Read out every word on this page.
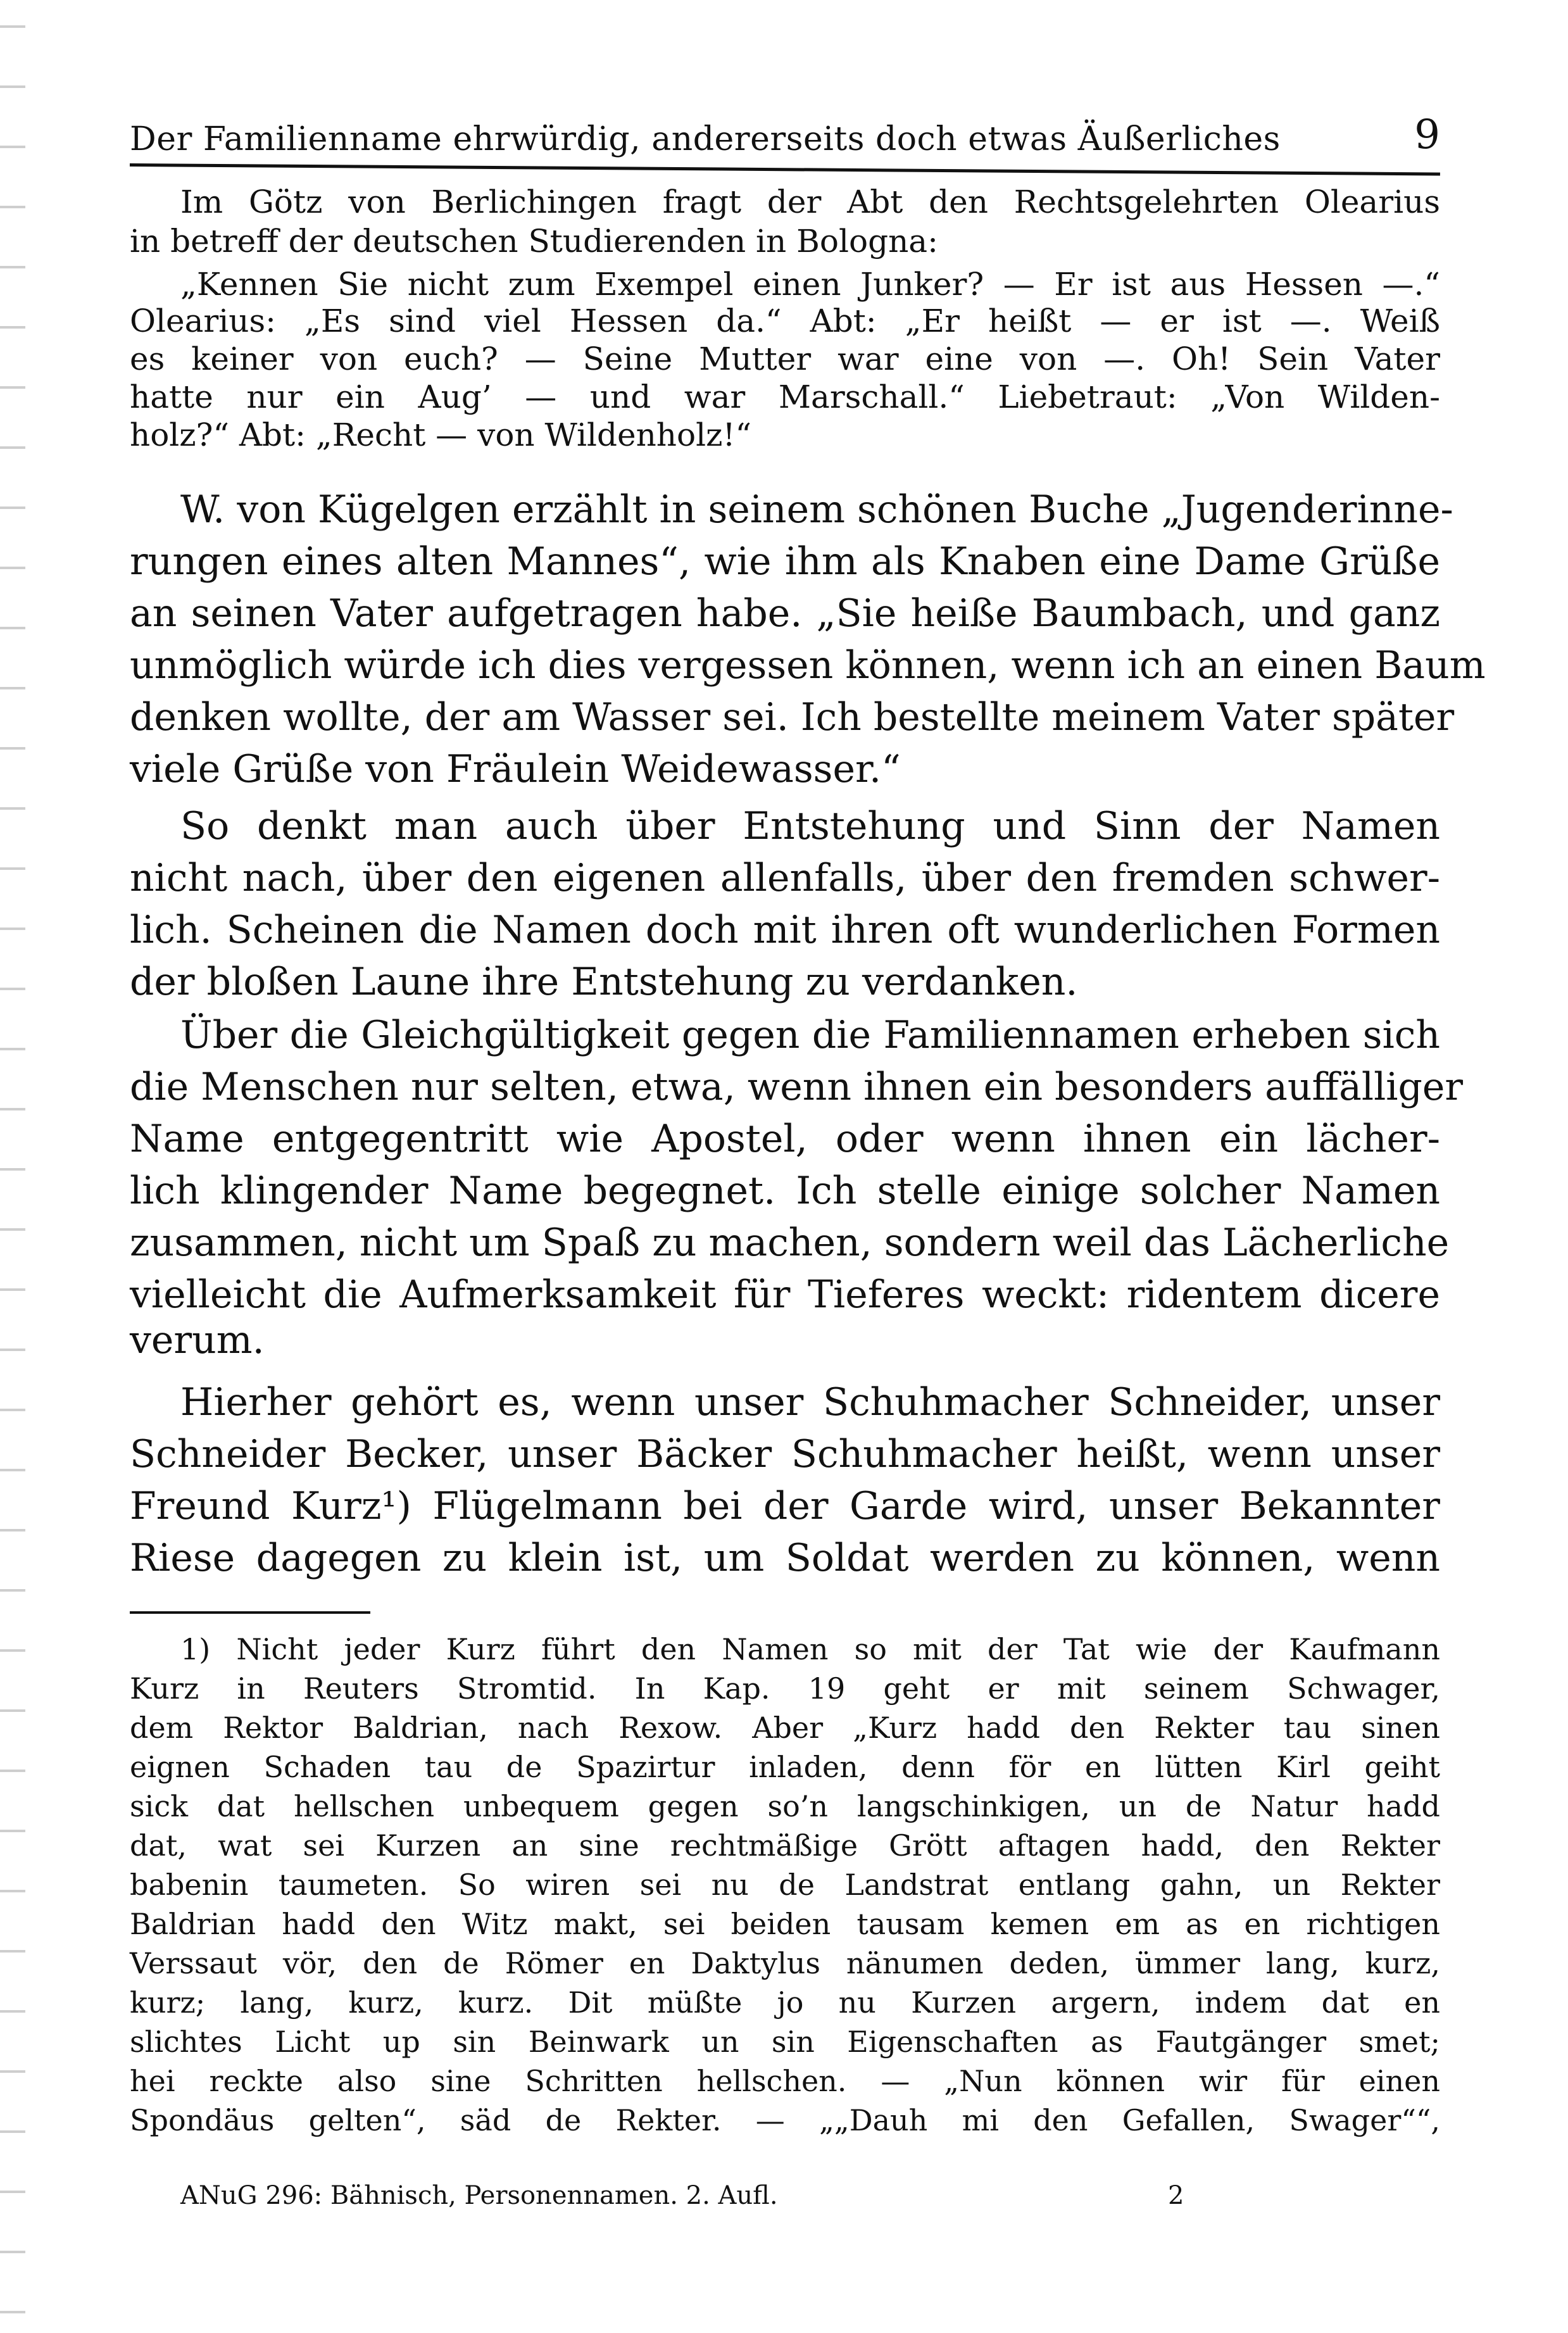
Der Familienname ehrwürdig, andererseits doch etwas Äußerliches	9
Im Götz von Berlichingen fragt der Abt den Rechtsgelehrten Olearius
in betreff der deutschen Studierenden in Bologna:
„Kennen Sie nicht zum Exempel einen Junker? — Er ist aus Hessen —.“
Olearius: „Es sind viel Hessen da.“ Abt: „Er heißt — er ist —. Weiß
es keiner von euch? — Seine Mutter war eine von —. Oh! Sein Vater
hatte nur ein Aug’ — und war Marschall.“ Liebetraut: „Von Wilden-
holz?“ Abt: „Recht — von Wildenholz!“
W. von Kügelgen erzählt in seinem schönen Buche „Jugenderinne-
rungen eines alten Mannes“, wie ihm als Knaben eine Dame Grüße
an seinen Vater aufgetragen habe. „Sie heiße Baumbach, und ganz
unmöglich würde ich dies vergessen können, wenn ich an einen Baum
denken wollte, der am Wasser sei. Ich bestellte meinem Vater später
viele Grüße von Fräulein Weidewasser.“
So denkt man auch über Entstehung und Sinn der Namen
nicht nach, über den eigenen allenfalls, über den fremden schwer-
lich. Scheinen die Namen doch mit ihren oft wunderlichen Formen
der bloßen Laune ihre Entstehung zu verdanken.
Über die Gleichgültigkeit gegen die Familiennamen erheben sich
die Menschen nur selten, etwa, wenn ihnen ein besonders auffälliger
Name entgegentritt wie Apostel, oder wenn ihnen ein lächer-
lich klingender Name begegnet. Ich stelle einige solcher Namen
zusammen, nicht um Spaß zu machen, sondern weil das Lächerliche
vielleicht die Aufmerksamkeit für Tieferes weckt: ridentem dicere
verum.
Hierher gehört es, wenn unser Schuhmacher Schneider, unser
Schneider Becker, unser Bäcker Schuhmacher heißt, wenn unser
Freund Kurz¹) Flügelmann bei der Garde wird, unser Bekannter
Riese dagegen zu klein ist, um Soldat werden zu können, wenn
1) Nicht jeder Kurz führt den Namen so mit der Tat wie der Kaufmann
Kurz in Reuters Stromtid. In Kap. 19 geht er mit seinem Schwager,
dem Rektor Baldrian, nach Rexow. Aber „Kurz hadd den Rekter tau sinen
eignen Schaden tau de Spazirtur inladen, denn för en lütten Kirl geiht
sick dat hellschen unbequem gegen so’n langschinkigen, un de Natur hadd
dat, wat sei Kurzen an sine rechtmäßige Grött aftagen hadd, den Rekter
babenin taumeten. So wiren sei nu de Landstrat entlang gahn, un Rekter
Baldrian hadd den Witz makt, sei beiden tausam kemen em as en richtigen
Verssaut vör, den de Römer en Daktylus nänumen deden, ümmer lang, kurz,
kurz; lang, kurz, kurz. Dit müßte jo nu Kurzen argern, indem dat en
slichtes Licht up sin Beinwark un sin Eigenschaften as Fautgänger smet;
hei reckte also sine Schritten hellschen. — „Nun können wir für einen
Spondäus gelten“, säd de Rekter. — „„Dauh mi den Gefallen, Swager““,
ANuG 296: Bähnisch, Personennamen. 2. Aufl.	2
